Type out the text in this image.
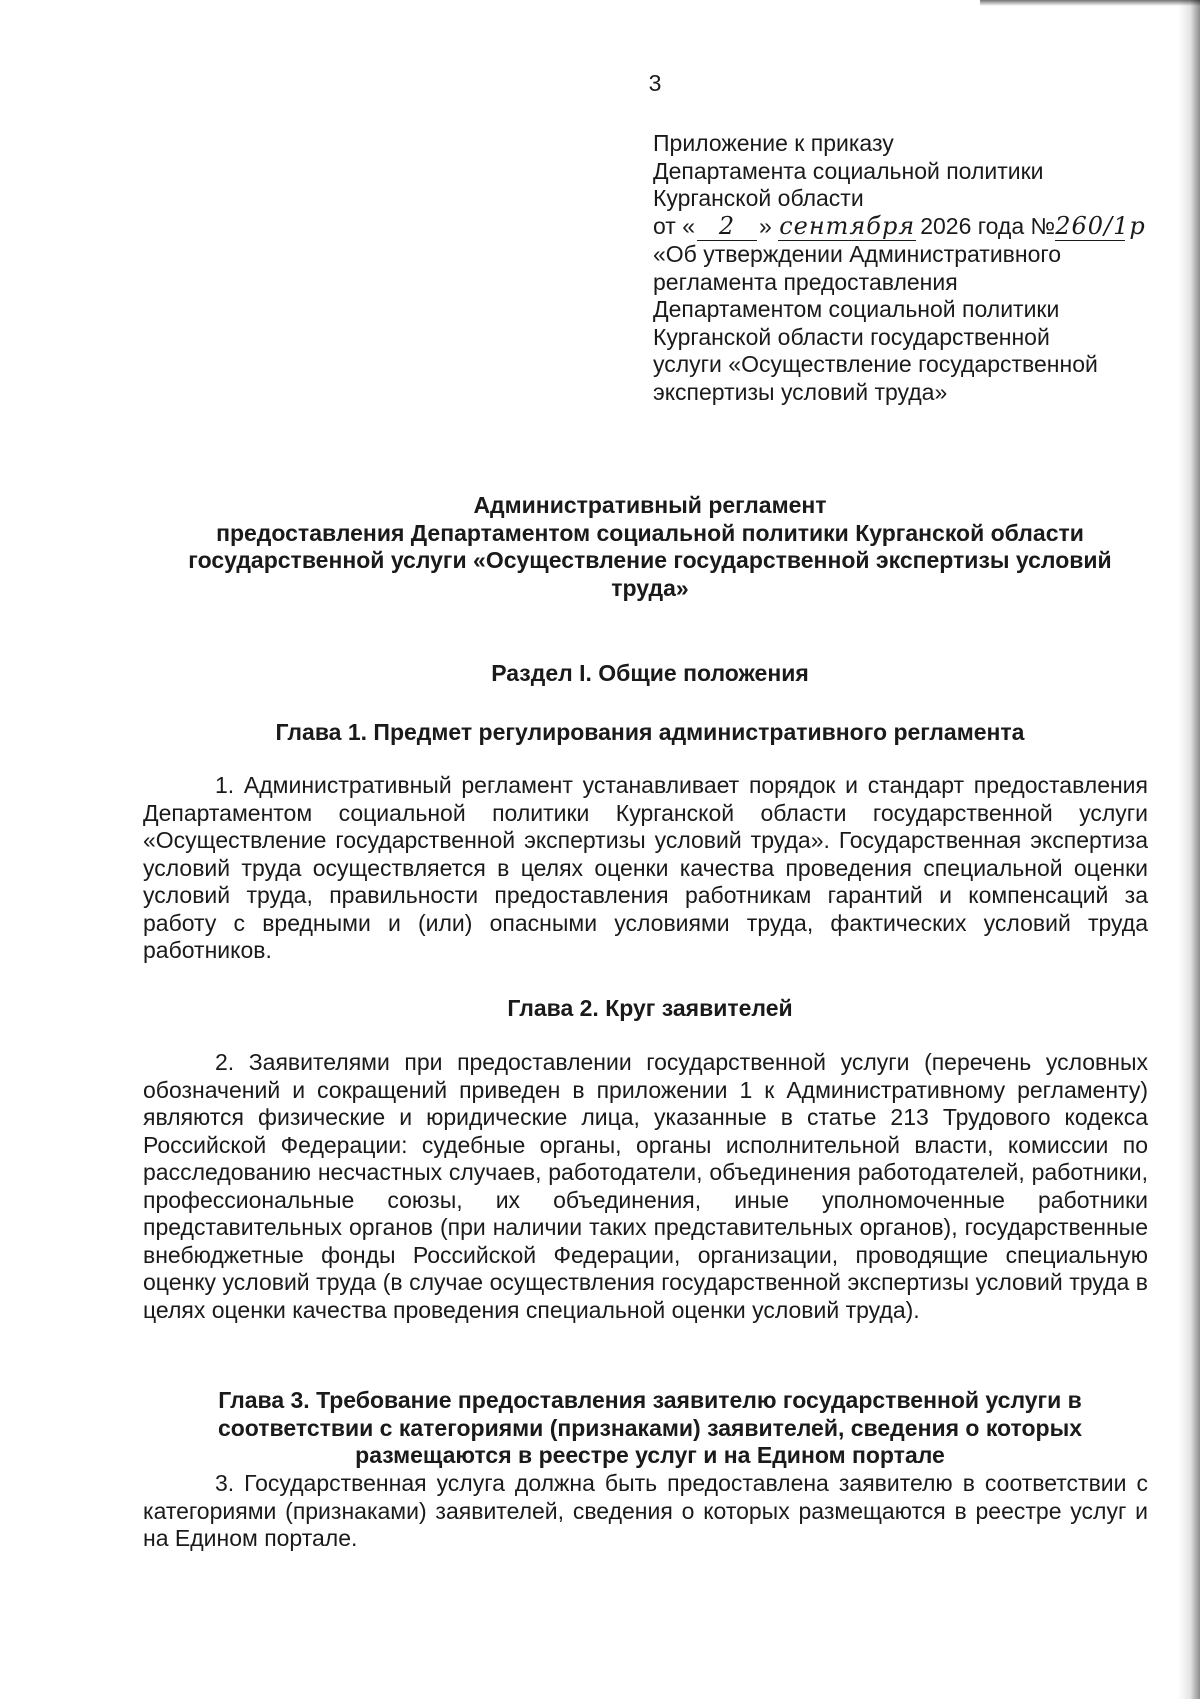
3
Приложение к приказу
Департамента социальной политики
Курганской области
от « 2 » сентября 2026 года №260/1р
«Об утверждении Административного
регламента предоставления
Департаментом социальной политики
Курганской области государственной
услуги «Осуществление государственной
экспертизы условий труда»
Административный регламент
предоставления Департаментом социальной политики Курганской области
государственной услуги «Осуществление государственной экспертизы условий
труда»
Раздел I. Общие положения
Глава 1. Предмет регулирования административного регламента
1. Административный регламент устанавливает порядок и стандарт предоставления Департаментом социальной политики Курганской области государственной услуги «Осуществление государственной экспертизы условий труда». Государственная экспертиза условий труда осуществляется в целях оценки качества проведения специальной оценки условий труда, правильности предоставления работникам гарантий и компенсаций за работу с вредными и (или) опасными условиями труда, фактических условий труда работников.
Глава 2. Круг заявителей
2. Заявителями при предоставлении государственной услуги (перечень условных обозначений и сокращений приведен в приложении 1 к Административному регламенту) являются физические и юридические лица, указанные в статье 213 Трудового кодекса Российской Федерации: судебные органы, органы исполнительной власти, комиссии по расследованию несчастных случаев, работодатели, объединения работодателей, работники, профессиональные союзы, их объединения, иные уполномоченные работники представительных органов (при наличии таких представительных органов), государственные внебюджетные фонды Российской Федерации, организации, проводящие специальную оценку условий труда (в случае осуществления государственной экспертизы условий труда в целях оценки качества проведения специальной оценки условий труда).
Глава 3. Требование предоставления заявителю государственной услуги в
соответствии с категориями (признаками) заявителей, сведения о которых
размещаются в реестре услуг и на Едином портале
3. Государственная услуга должна быть предоставлена заявителю в соответствии с категориями (признаками) заявителей, сведения о которых размещаются в реестре услуг и на Едином портале.
